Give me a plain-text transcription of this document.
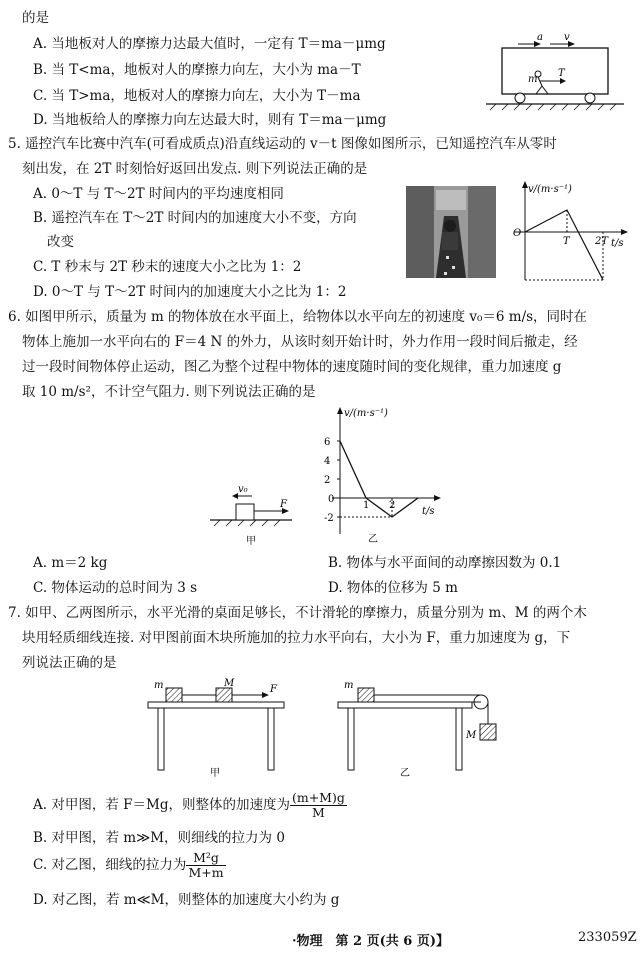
的是
A. 当地板对人的摩擦力达最大值时，一定有 T＝ma－μmg
B. 当 T<ma，地板对人的摩擦力向左，大小为 ma－T
C. 当 T>ma，地板对人的摩擦力向左，大小为 T－ma
D. 当地板给人的摩擦力向左达最大时，则有 T＝ma－μmg
a v
m
T
5. 遥控汽车比赛中汽车(可看成质点)沿直线运动的 v－t 图像如图所示，已知遥控汽车从零时
刻出发，在 2T 时刻恰好返回出发点. 则下列说法正确的是
A. 0～T 与 T～2T 时间内的平均速度相同
B. 遥控汽车在 T～2T 时间内的加速度大小不变，方向
改变
C. T 秒末与 2T 秒末的速度大小之比为 1：2
D. 0～T 与 T～2T 时间内的加速度大小之比为 1：2
v/(m·s⁻¹)
O
t/s
T	2T
6. 如图甲所示，质量为 m 的物体放在水平面上，给物体以水平向左的初速度 v₀＝6 m/s，同时在
物体上施加一水平向右的 F＝4 N 的外力，从该时刻开始计时，外力作用一段时间后撤走，经
过一段时间物体停止运动，图乙为整个过程中物体的速度随时间的变化规律，重力加速度 g
取 10 m/s²，不计空气阻力. 则下列说法正确的是
v₀
F
甲
v/(m·s⁻¹)
t/s
6
4
2
0
-2
1 2
乙
A. m＝2 kg	B. 物体与水平面间的动摩擦因数为 0.1
C. 物体运动的总时间为 3 s	D. 物体的位移为 5 m
7. 如甲、乙两图所示，水平光滑的桌面足够长，不计滑轮的摩擦力，质量分别为 m、M 的两个木
块用轻质细线连接. 对甲图前面木块所施加的拉力水平向右，大小为 F，重力加速度为 g，下
列说法正确的是
m	M
F
甲
m
M
乙
A. 对甲图，若 F＝Mg，则整体的加速度为 $\frac{(m+M)g}{M}$
B. 对甲图，若 m≫M，则细线的拉力为 0
C. 对乙图，细线的拉力为 $\frac{\text{M²g}}{M+m}$
D. 对乙图，若 m≪M，则整体的加速度大小约为 g
·物理　第 2 页(共 6 页)】	233059Z
